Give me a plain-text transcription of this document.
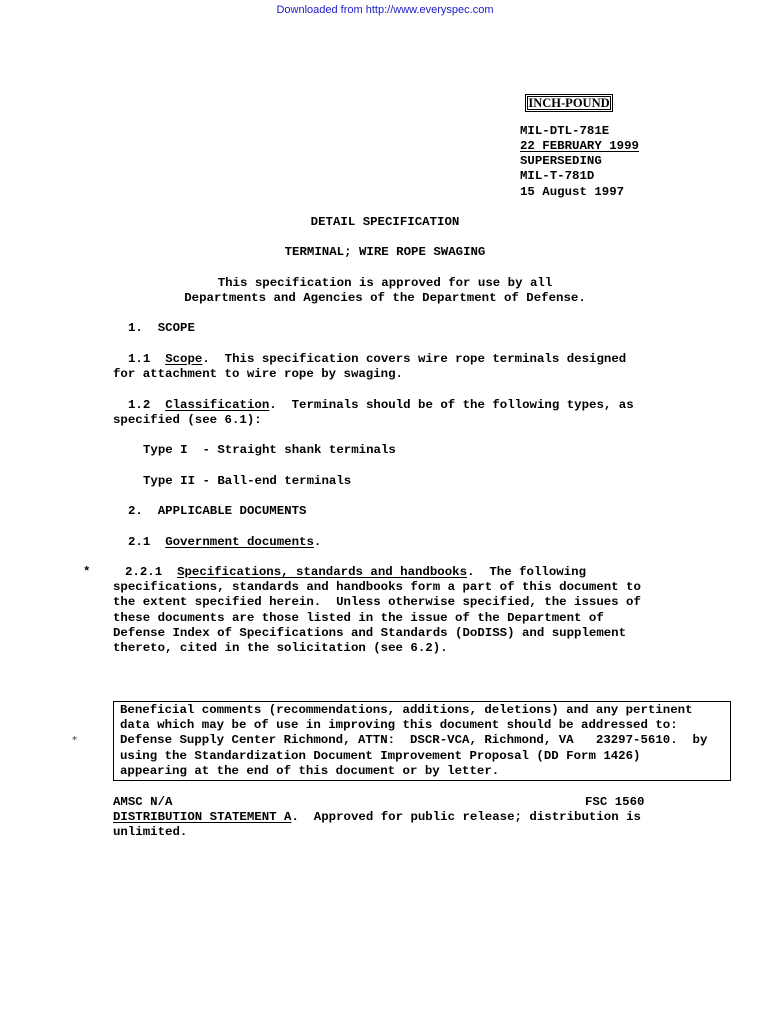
Downloaded from http://www.everyspec.com
INCH-POUND
MIL-DTL-781E
22 FEBRUARY 1999
SUPERSEDING
MIL-T-781D
15 August 1997
DETAIL SPECIFICATION
TERMINAL; WIRE ROPE SWAGING
This specification is approved for use by all
Departments and Agencies of the Department of Defense.
1.  SCOPE
1.1 Scope.  This specification covers wire rope terminals designed
for attachment to wire rope by swaging.
1.2 Classification.  Terminals should be of the following types, as
specified (see 6.1):
Type I  - Straight shank terminals
Type II - Ball-end terminals
2.  APPLICABLE DOCUMENTS
2.1 Government documents.
*	2.2.1 Specifications, standards and handbooks.  The following
specifications, standards and handbooks form a part of this document to
the extent specified herein.  Unless otherwise specified, the issues of
these documents are those listed in the issue of the Department of
Defense Index of Specifications and Standards (DoDISS) and supplement
thereto, cited in the solicitation (see 6.2).
*
Beneficial comments (recommendations, additions, deletions) and any pertinent
data which may be of use in improving this document should be addressed to:
Defense Supply Center Richmond, ATTN:  DSCR-VCA, Richmond, VA   23297-5610.  by
using the Standardization Document Improvement Proposal (DD Form 1426)
appearing at the end of this document or by letter.
AMSC N/A	FSC 1560
DISTRIBUTION STATEMENT A.  Approved for public release; distribution is
unlimited.
